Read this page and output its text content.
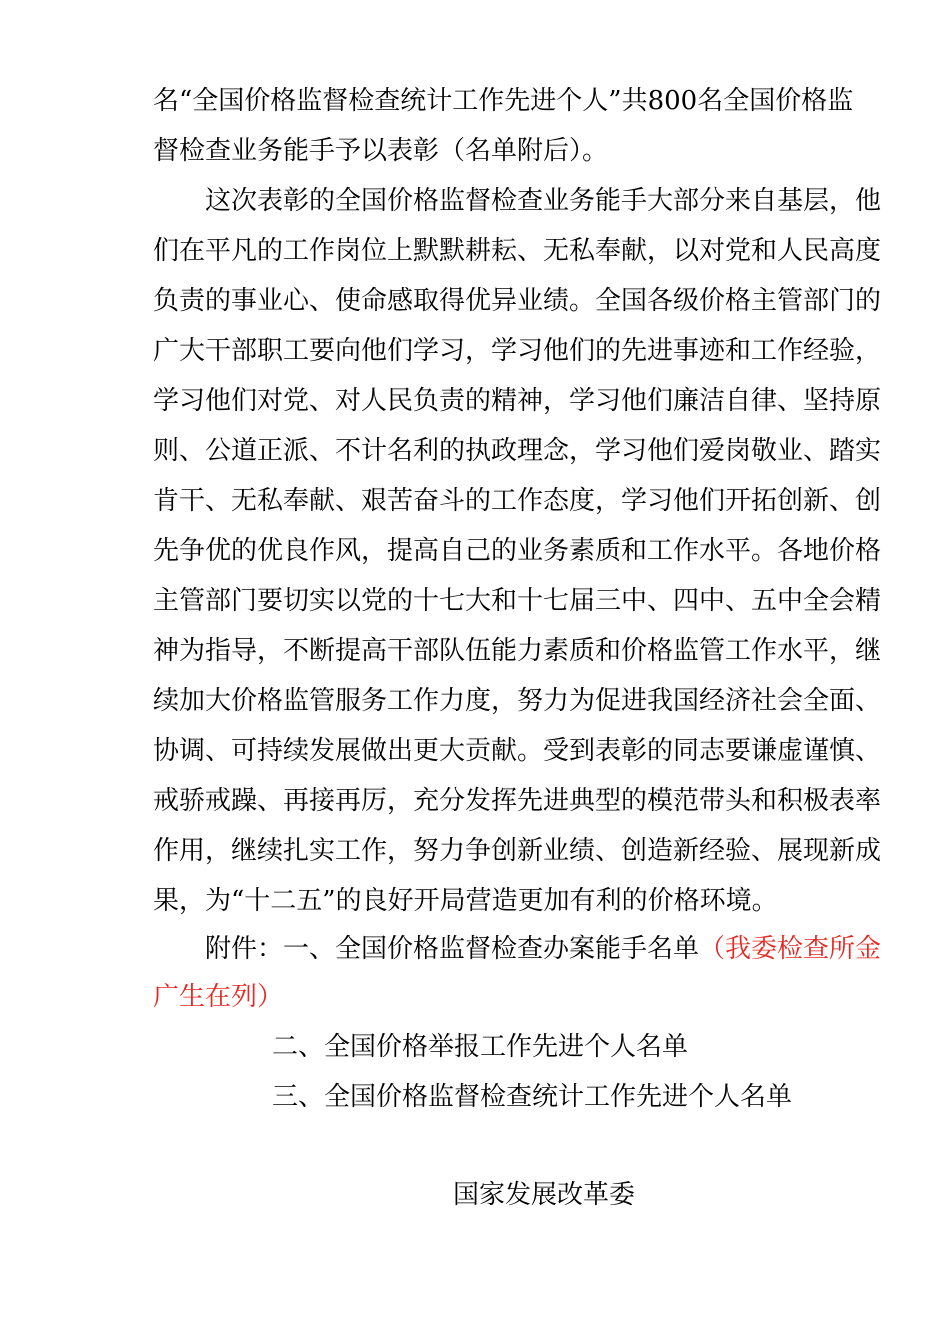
名“全国价格监督检查统计工作先进个人”共800名全国价格监
督检查业务能手予以表彰（名单附后）。
这次表彰的全国价格监督检查业务能手大部分来自基层，他
们在平凡的工作岗位上默默耕耘、无私奉献，以对党和人民高度
负责的事业心、使命感取得优异业绩。全国各级价格主管部门的
广大干部职工要向他们学习，学习他们的先进事迹和工作经验，
学习他们对党、对人民负责的精神，学习他们廉洁自律、坚持原
则、公道正派、不计名利的执政理念，学习他们爱岗敬业、踏实
肯干、无私奉献、艰苦奋斗的工作态度，学习他们开拓创新、创
先争优的优良作风，提高自己的业务素质和工作水平。各地价格
主管部门要切实以党的十七大和十七届三中、四中、五中全会精
神为指导，不断提高干部队伍能力素质和价格监管工作水平，继
续加大价格监管服务工作力度，努力为促进我国经济社会全面、
协调、可持续发展做出更大贡献。受到表彰的同志要谦虚谨慎、
戒骄戒躁、再接再厉，充分发挥先进典型的模范带头和积极表率
作用，继续扎实工作，努力争创新业绩、创造新经验、展现新成
果，为“十二五”的良好开局营造更加有利的价格环境。
附件：一、全国价格监督检查办案能手名单（我委检查所金
广生在列）
二、全国价格举报工作先进个人名单
三、全国价格监督检查统计工作先进个人名单
国家发展改革委
